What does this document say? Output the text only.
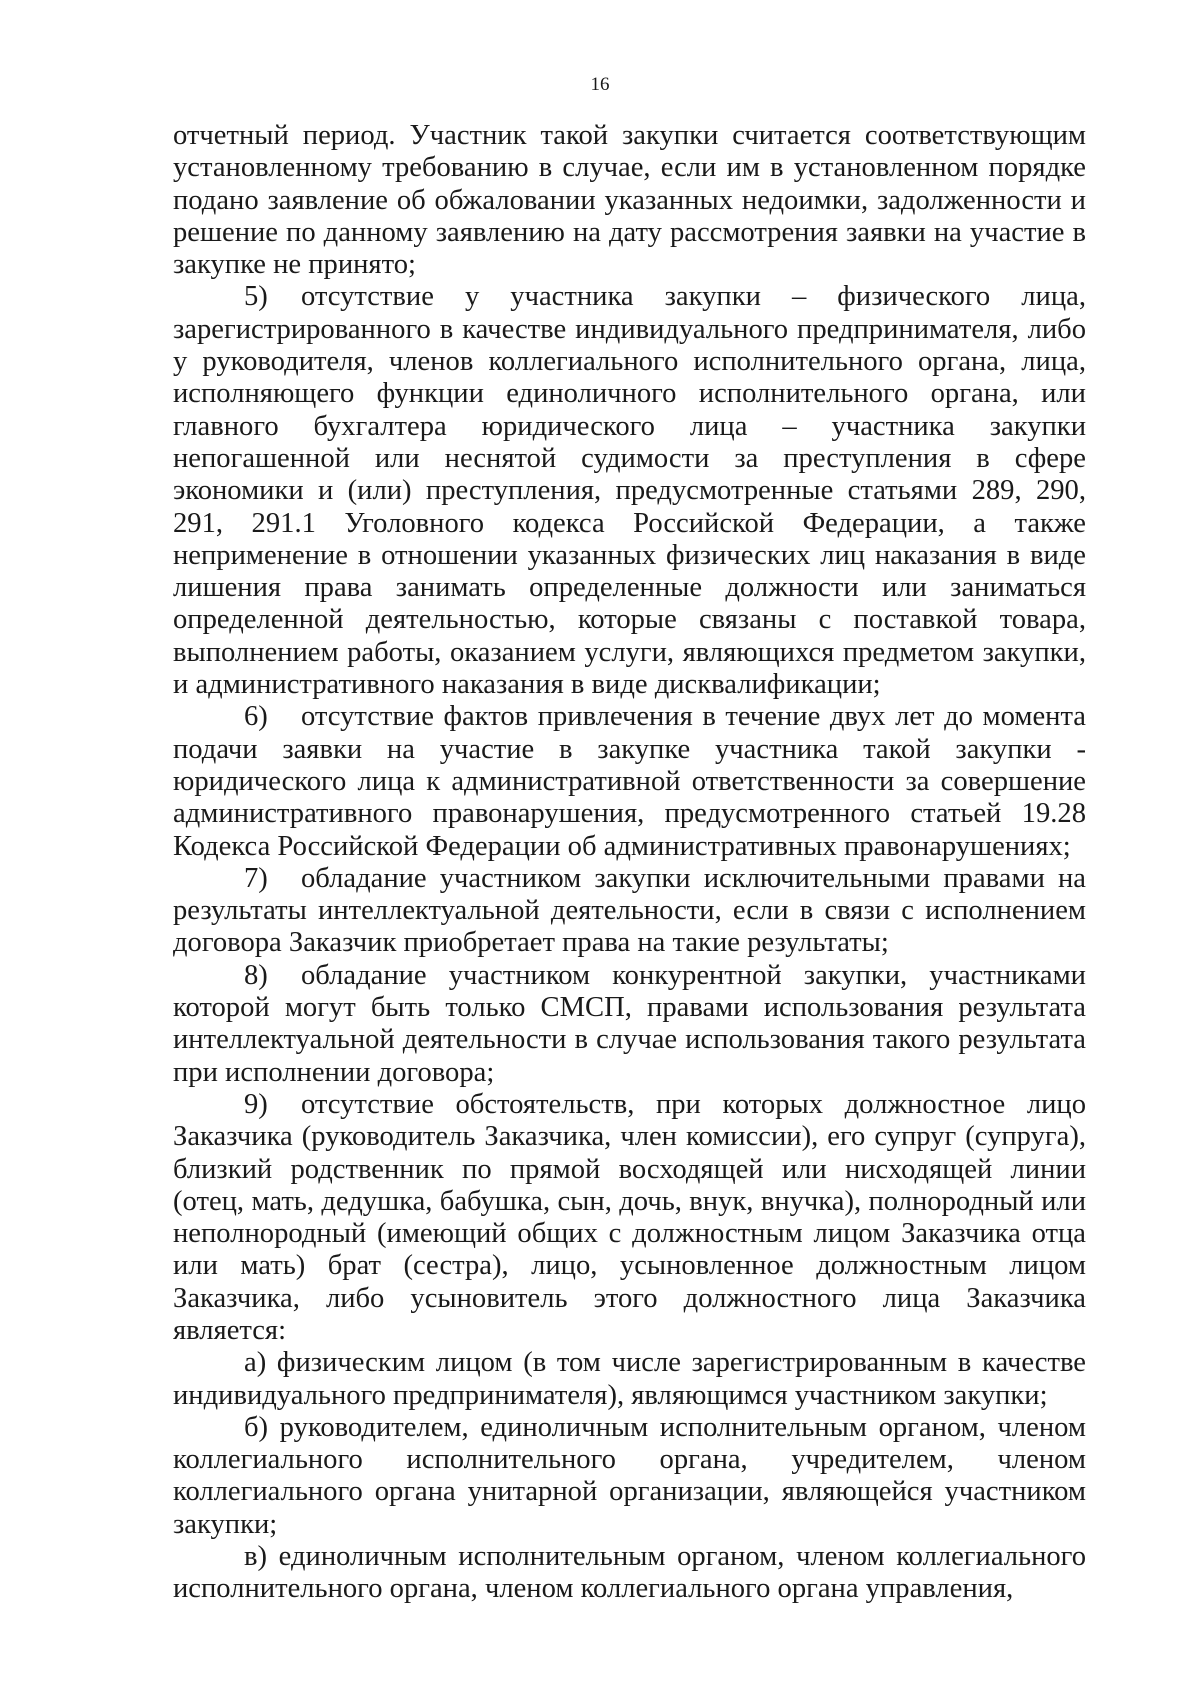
16

отчетный период. Участник такой закупки считается соответствующим установленному требованию в случае, если им в установленном порядке подано заявление об обжаловании указанных недоимки, задолженности и решение по данному заявлению на дату рассмотрения заявки на участие в закупке не принято;

5) отсутствие у участника закупки – физического лица, зарегистрированного в качестве индивидуального предпринимателя, либо у руководителя, членов коллегиального исполнительного органа, лица, исполняющего функции единоличного исполнительного органа, или главного бухгалтера юридического лица – участника закупки непогашенной или неснятой судимости за преступления в сфере экономики и (или) преступления, предусмотренные статьями 289, 290, 291, 291.1 Уголовного кодекса Российской Федерации, а также неприменение в отношении указанных физических лиц наказания в виде лишения права занимать определенные должности или заниматься определенной деятельностью, которые связаны с поставкой товара, выполнением работы, оказанием услуги, являющихся предметом закупки, и административного наказания в виде дисквалификации;

6) отсутствие фактов привлечения в течение двух лет до момента подачи заявки на участие в закупке участника такой закупки - юридического лица к административной ответственности за совершение административного правонарушения, предусмотренного статьей 19.28 Кодекса Российской Федерации об административных правонарушениях;

7) обладание участником закупки исключительными правами на результаты интеллектуальной деятельности, если в связи с исполнением договора Заказчик приобретает права на такие результаты;

8) обладание участником конкурентной закупки, участниками которой могут быть только СМСП, правами использования результата интеллектуальной деятельности в случае использования такого результата при исполнении договора;

9) отсутствие обстоятельств, при которых должностное лицо Заказчика (руководитель Заказчика, член комиссии), его супруг (супруга), близкий родственник по прямой восходящей или нисходящей линии (отец, мать, дедушка, бабушка, сын, дочь, внук, внучка), полнородный или неполнородный (имеющий общих с должностным лицом Заказчика отца или мать) брат (сестра), лицо, усыновленное должностным лицом Заказчика, либо усыновитель этого должностного лица Заказчика является:

а) физическим лицом (в том числе зарегистрированным в качестве индивидуального предпринимателя), являющимся участником закупки;

б) руководителем, единоличным исполнительным органом, членом коллегиального исполнительного органа, учредителем, членом коллегиального органа унитарной организации, являющейся участником закупки;

в) единоличным исполнительным органом, членом коллегиального исполнительного органа, членом коллегиального органа управления,
